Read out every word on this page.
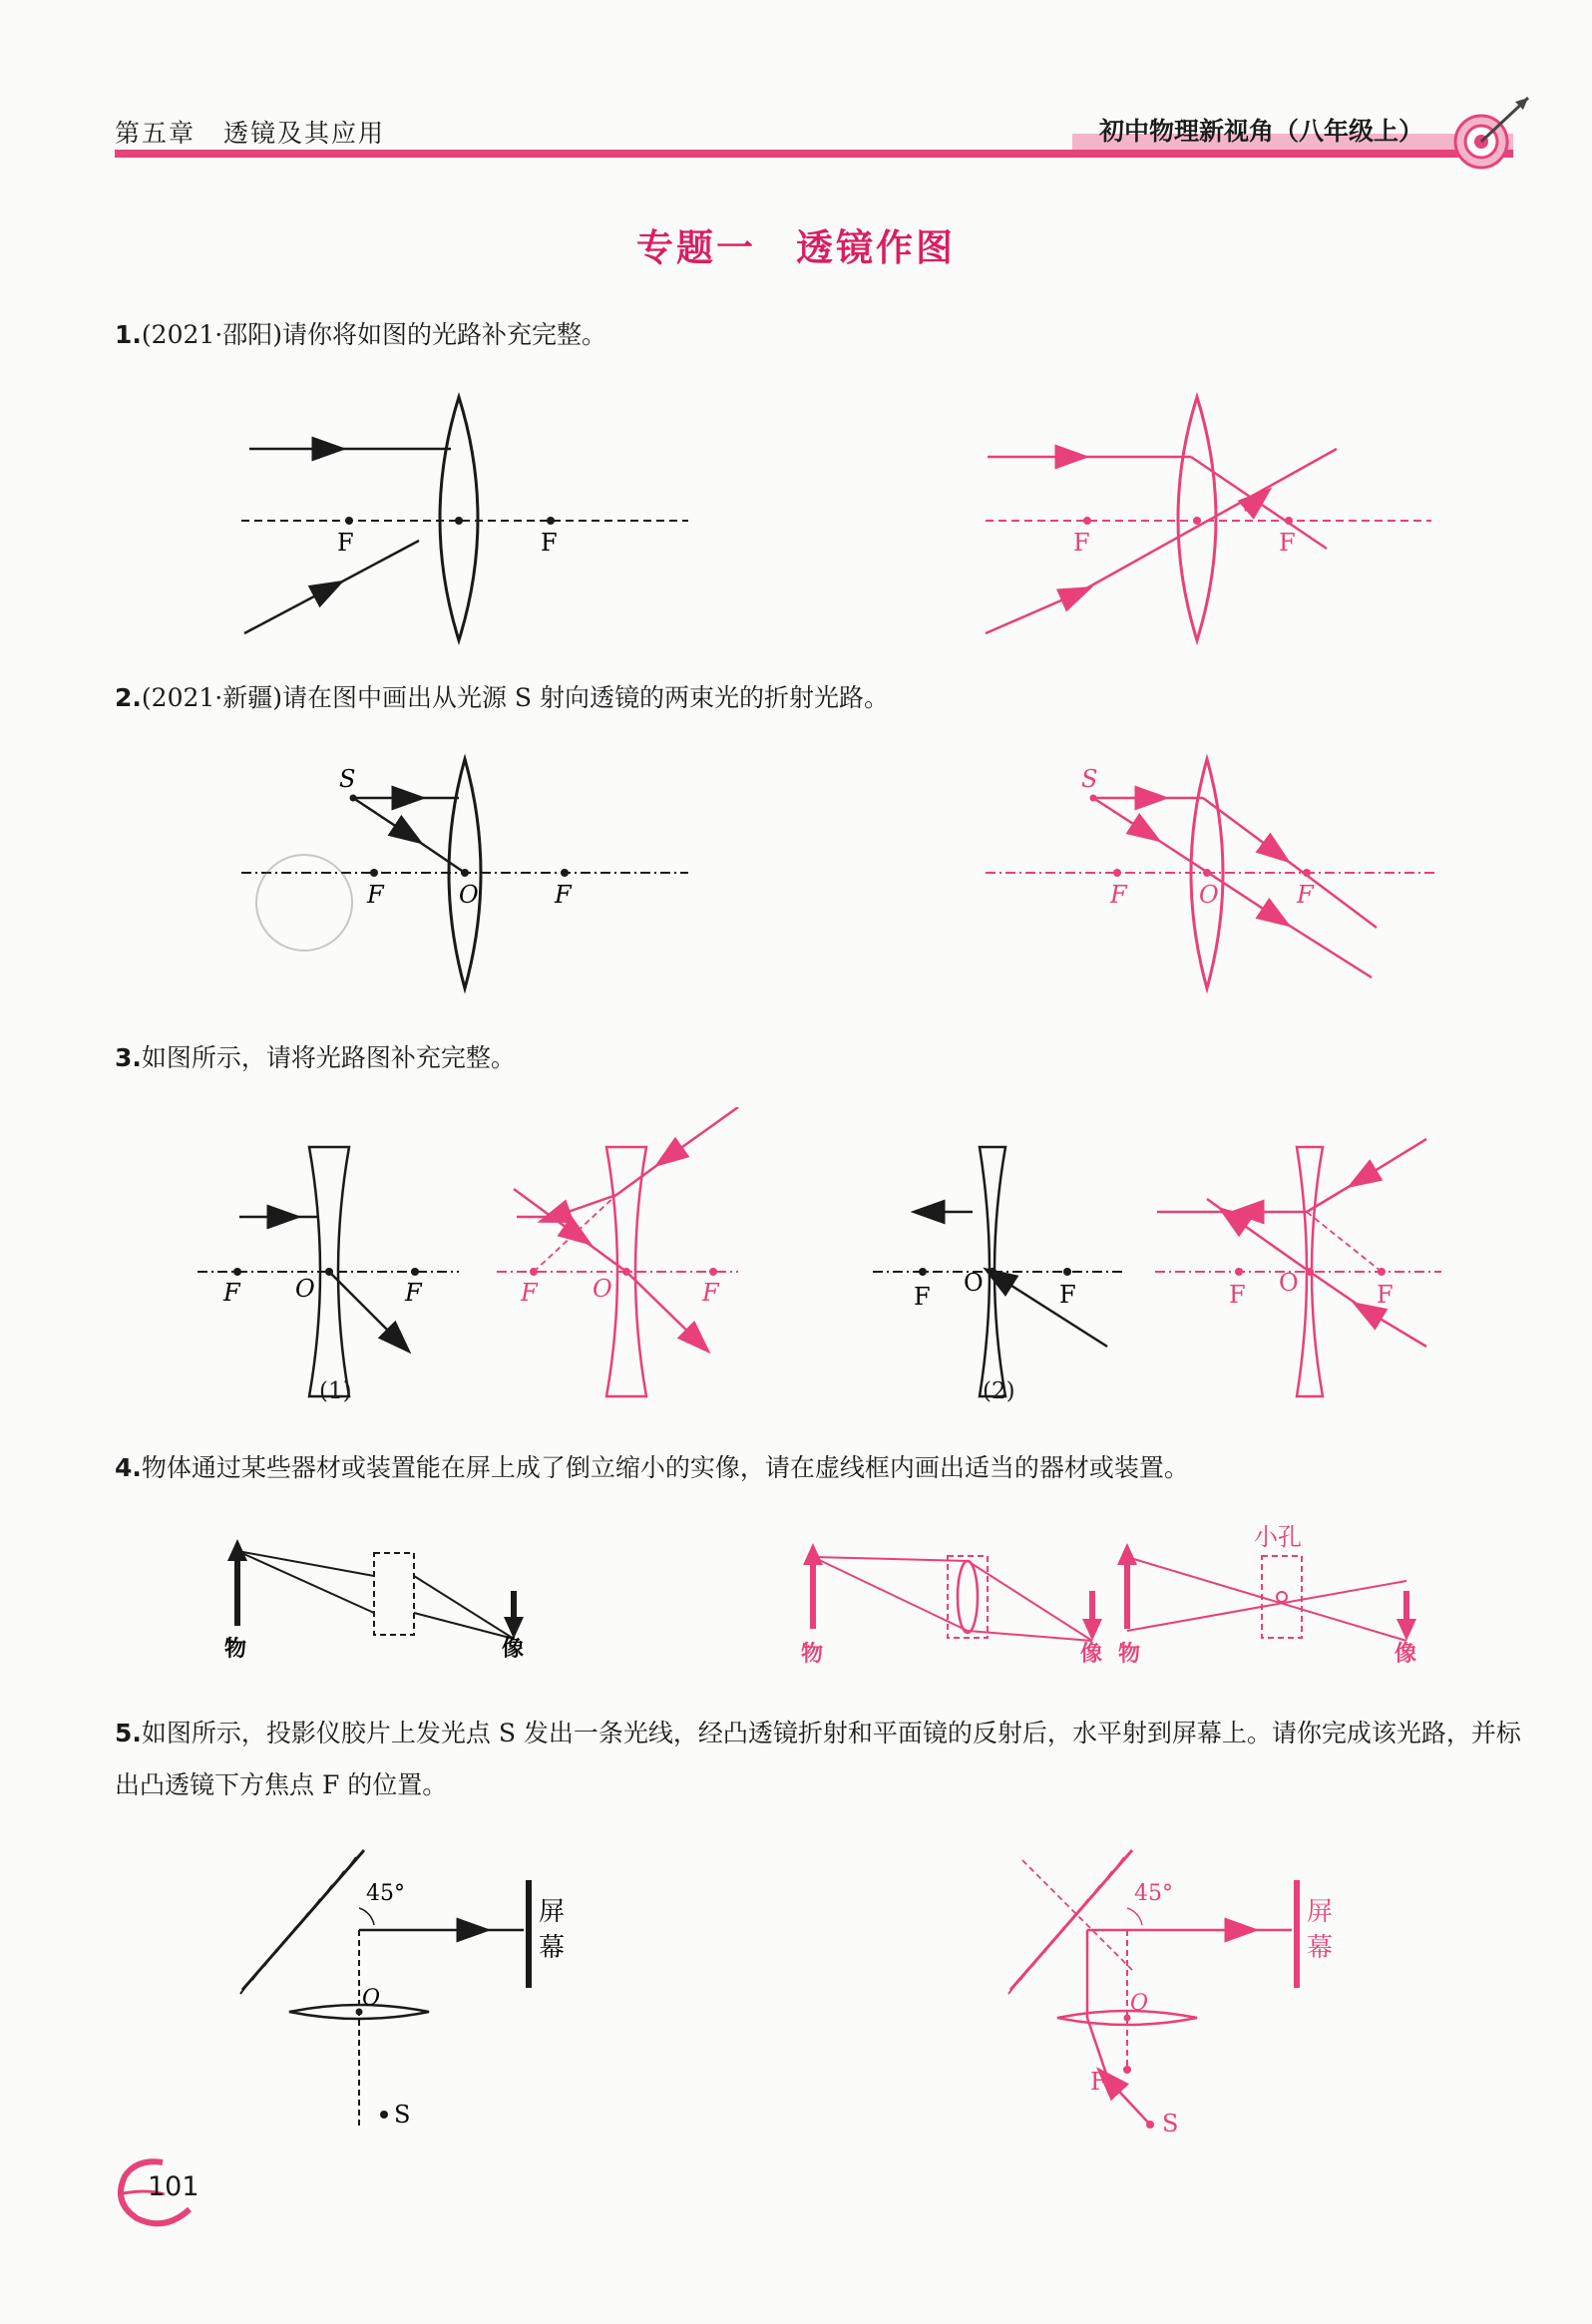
第五章 透镜及其应用	初中物理新视角（八年级上）
专题一　透镜作图
1.(2021·邵阳)请你将如图的光路补充完整。
F	F	F	F
2.(2021·新疆)请在图中画出从光源 S 射向透镜的两束光的折射光路。
S
F	O	F
S
F	O	F
3.如图所示，请将光路图补充完整。
F O	F	F O	F
(1)
F O	F	F O	F
(2)
4.物体通过某些器材或装置能在屏上成了倒立缩小的实像，请在虚线框内画出适当的器材或装置。
物	像	物	像
小孔
物	像
5.如图所示，投影仪胶片上发光点 S 发出一条光线，经凸透镜折射和平面镜的反射后，水平射到屏幕上。请你完成该光路，并标出凸透镜下方焦点 F 的位置。
45°
屏
幕
O
S
45°
屏
幕
O
F
S
101
